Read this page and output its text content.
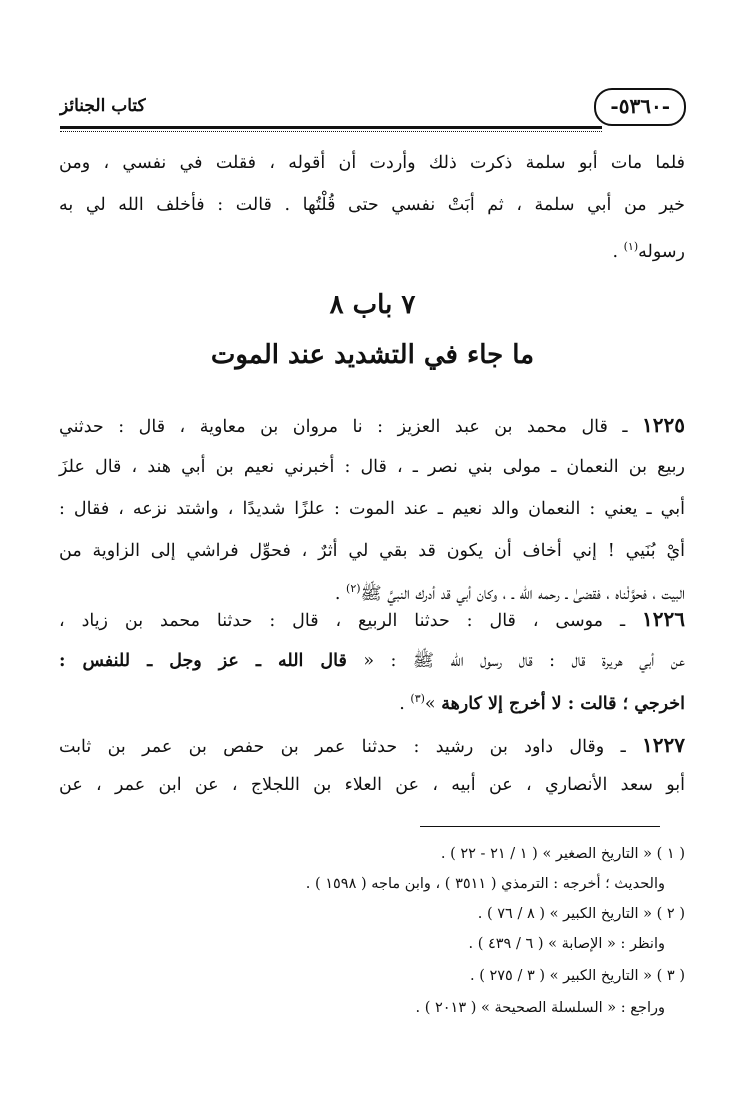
-٥٣٦٠-
كتاب الجنائز
فلما مات أبو سلمة ذكرت ذلك وأردت أن أقوله ، فقلت في نفسي ، ومن
خير من أبي سلمة ، ثم أبَتْ نفسي حتى قُلْتُها . قالت : فأخلف الله لي به
رسوله$^{(١)}$ .
٧ باب ٨
ما جاء في التشديد عند الموت
١٢٢٥ ـ قال محمد بن عبد العزيز : نا مروان بن معاوية ، قال : حدثني
ربيع بن النعمان ـ مولى بني نصر ـ ، قال : أخبرني نعيم بن أبي هند ، قال علزَ
أبي ـ يعني : النعمان والد نعيم ـ عند الموت : علزًا شديدًا ، واشتد نزعه ، فقال :
أيْ بُنَيي ! إني أخاف أن يكون قد بقي لي أثرٌ ، فحوِّل فراشي إلى الزاوية من
البيت ، فحوَّلْناه ، فقضىٰ ـ رحمه الله ـ ، وكان أبي قد أدرك النبيَّ ﷺ$^{(٢)}$ .
١٢٢٦ ـ موسى ، قال : حدثنا الربيع ، قال : حدثنا محمد بن زياد ،
عن أبي هريرة قال : قال رسول الله ﷺ : « قال الله ـ عز وجل ـ للنفس :
اخرجي ؛ قالت : لا أخرج إلا كارهة »$^{(٣)}$ .
١٢٢٧ ـ وقال داود بن رشيد : حدثنا عمر بن حفص بن عمر بن ثابت
أبو سعد الأنصاري ، عن أبيه ، عن العلاء بن اللجلاج ، عن ابن عمر ، عن
( ١ ) « التاريخ الصغير » ( ١ / ٢١ - ٢٢ ) .
والحديث ؛ أخرجه : الترمذي ( ٣٥١١ ) ، وابن ماجه ( ١٥٩٨ ) .
( ٢ ) « التاريخ الكبير » ( ٨ / ٧٦ ) .
وانظر : « الإصابة » ( ٦ / ٤٣٩ ) .
( ٣ ) « التاريخ الكبير » ( ٣ / ٢٧٥ ) .
وراجع : « السلسلة الصحيحة » ( ٢٠١٣ ) .
